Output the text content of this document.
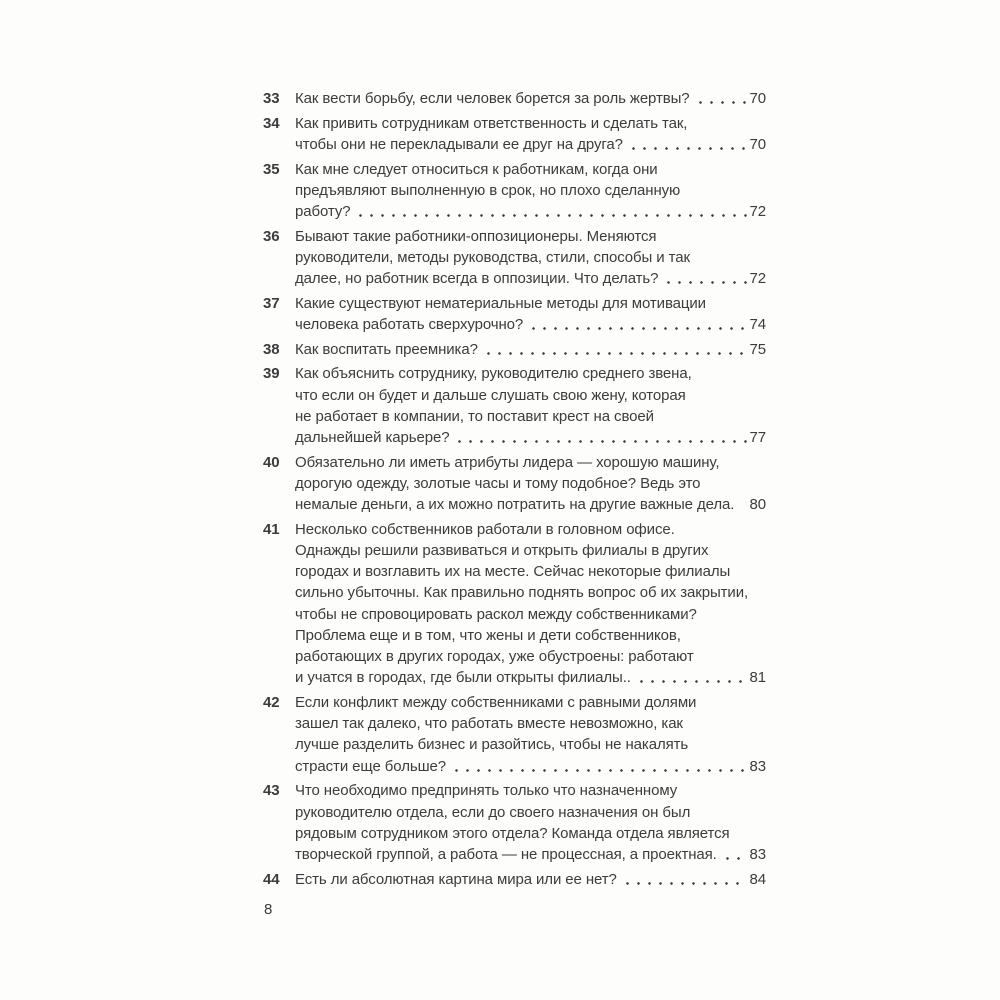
33	Как вести борьбу, если человек борется за роль жертвы?	70
34	Как привить сотрудникам ответственность и сделать так,
чтобы они не перекладывали ее друг на друга?	70
35	Как мне следует относиться к работникам, когда они
предъявляют выполненную в срок, но плохо сделанную
работу?	72
36	Бывают такие работники-оппозиционеры. Меняются
руководители, методы руководства, стили, способы и так
далее, но работник всегда в оппозиции. Что делать?	72
37	Какие существуют нематериальные методы для мотивации
человека работать сверхурочно?	74
38	Как воспитать преемника?	75
39	Как объяснить сотруднику, руководителю среднего звена,
что если он будет и дальше слушать свою жену, которая
не работает в компании, то поставит крест на своей
дальнейшей карьере?	77
40	Обязательно ли иметь атрибуты лидера — хорошую машину,
дорогую одежду, золотые часы и тому подобное? Ведь это
немалые деньги, а их можно потратить на другие важные дела. 80
41	Несколько собственников работали в головном офисе.
Однажды решили развиваться и открыть филиалы в других
городах и возглавить их на месте. Сейчас некоторые филиалы
сильно убыточны. Как правильно поднять вопрос об их закрытии,
чтобы не спровоцировать раскол между собственниками?
Проблема еще и в том, что жены и дети собственников,
работающих в других городах, уже обустроены: работают
и учатся в городах, где были открыты филиалы..	81
42	Если конфликт между собственниками с равными долями
зашел так далеко, что работать вместе невозможно, как
лучше разделить бизнес и разойтись, чтобы не накалять
страсти еще больше?	83
43	Что необходимо предпринять только что назначенному
руководителю отдела, если до своего назначения он был
рядовым сотрудником этого отдела? Команда отдела является
творческой группой, а работа — не процессная, а проектная. 83
44	Есть ли абсолютная картина мира или ее нет?	84
8
